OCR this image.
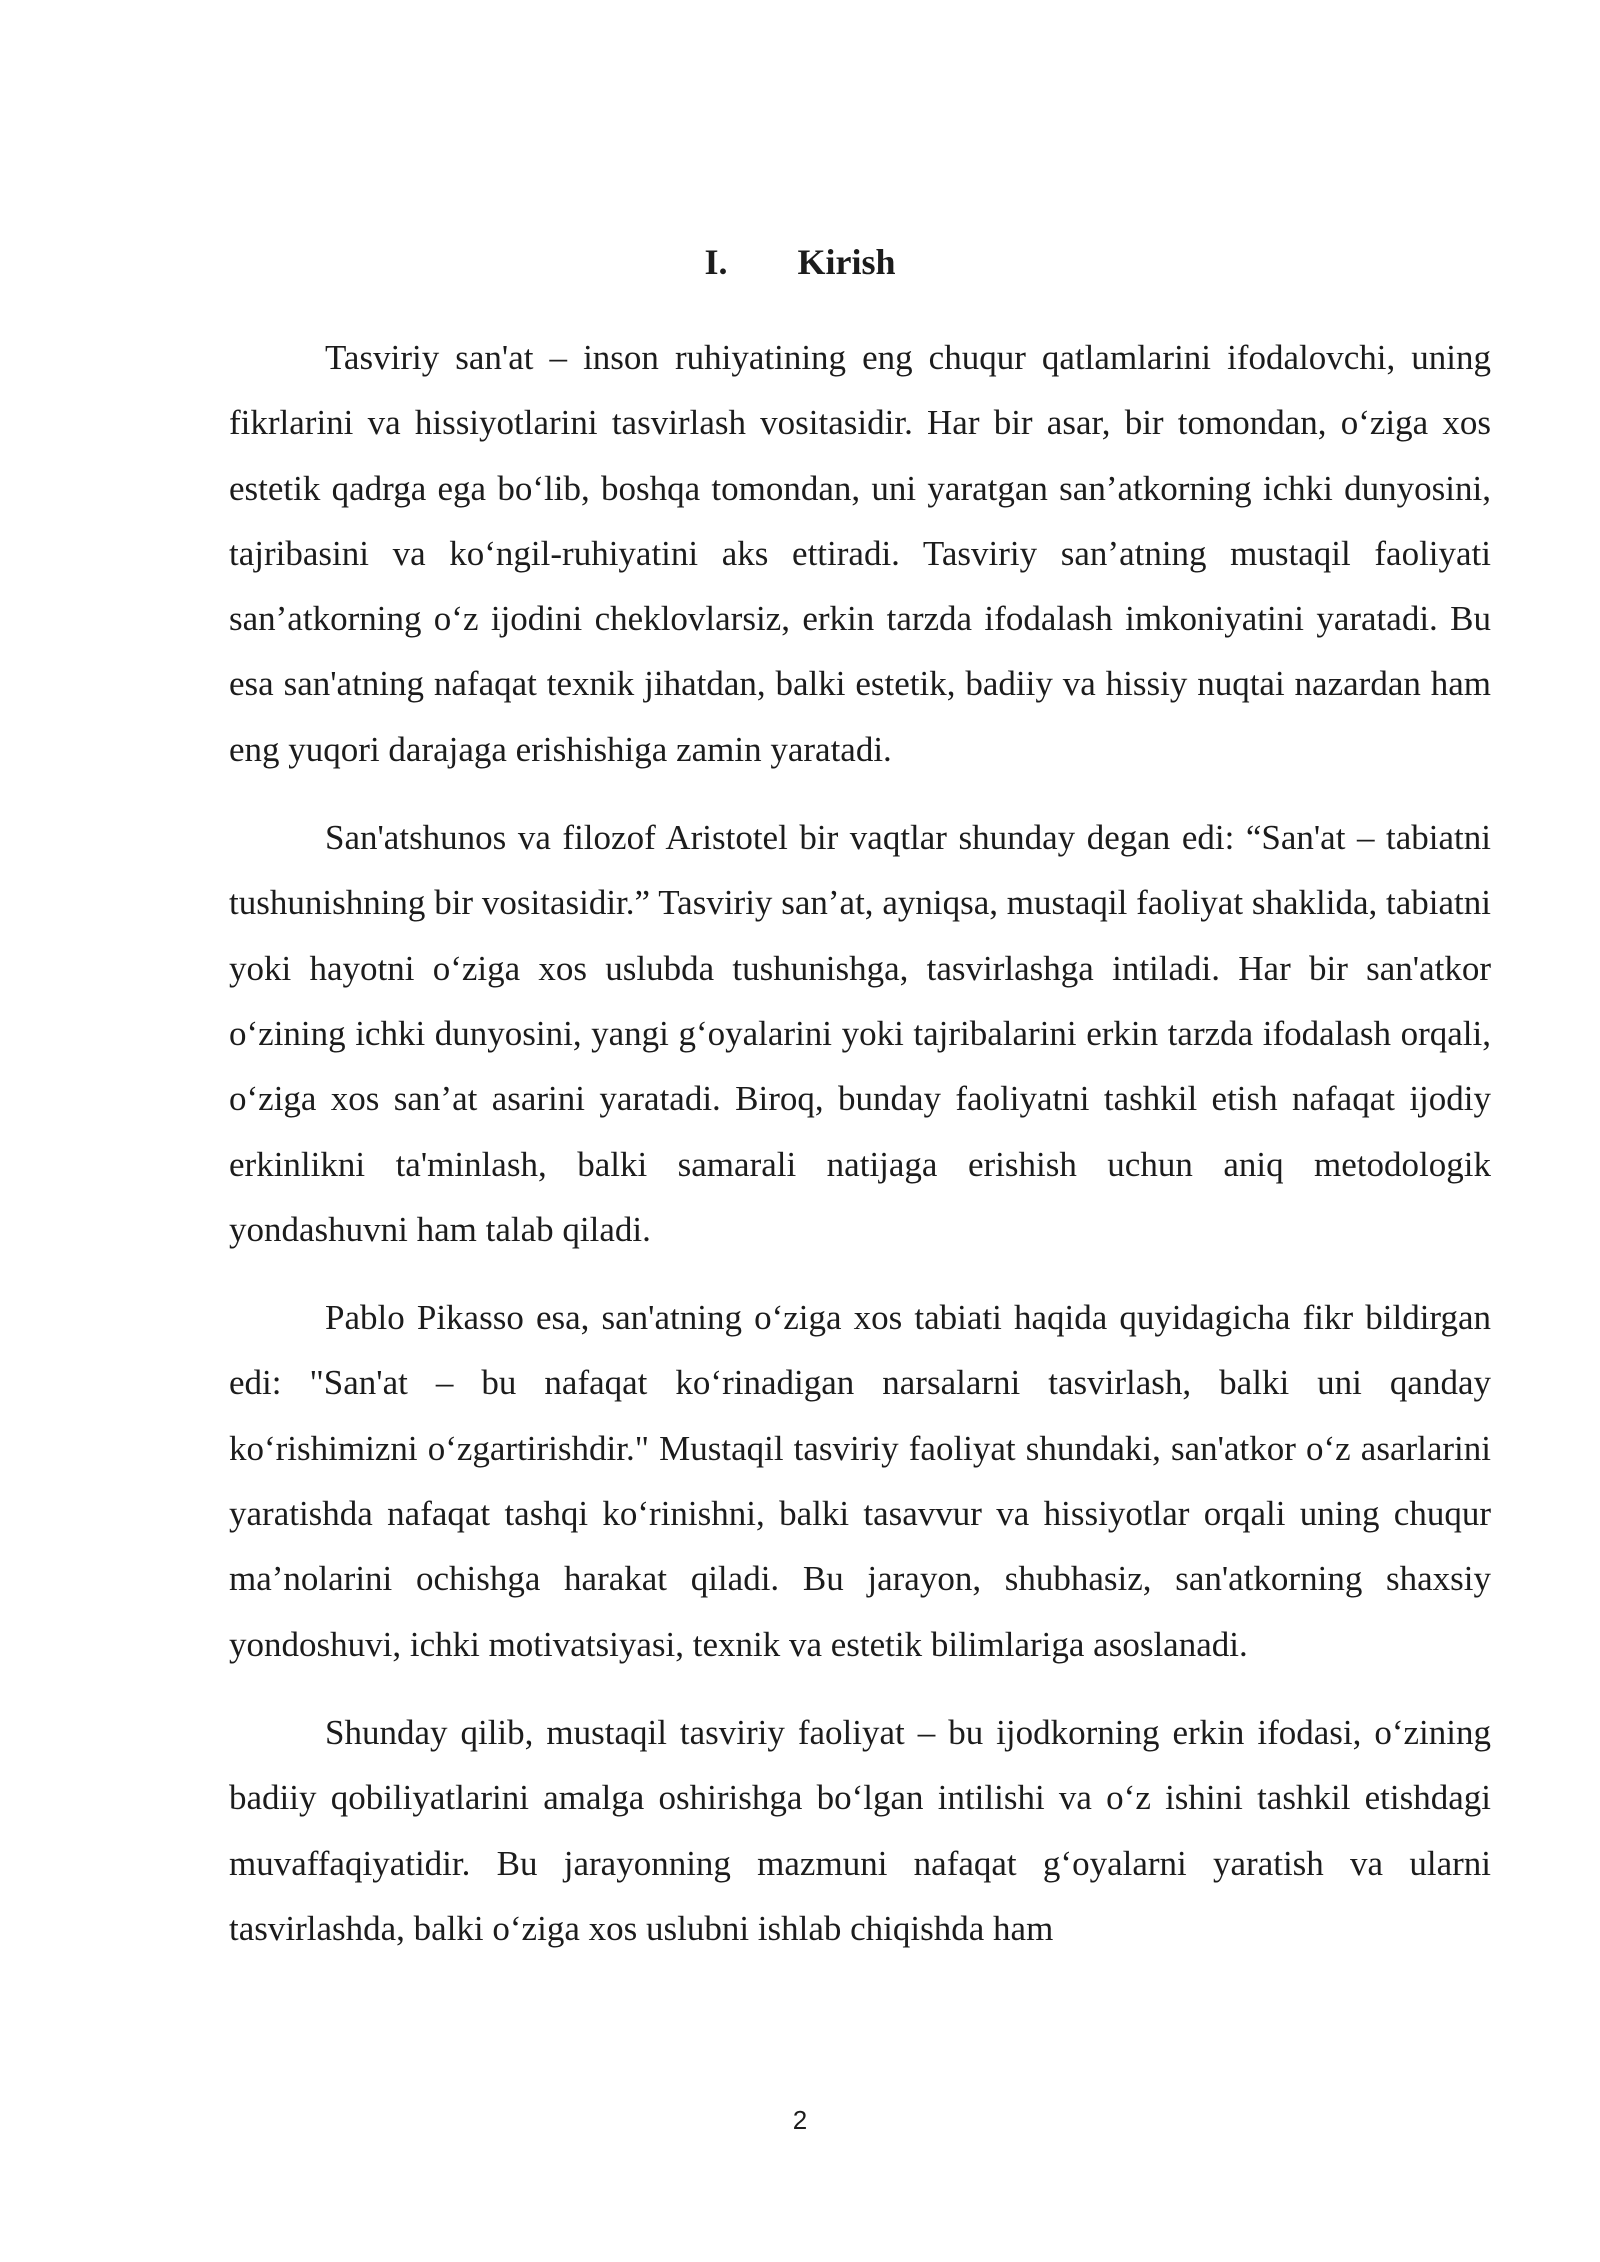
I. Kirish

Tasviriy san'at – inson ruhiyatining eng chuqur qatlamlarini ifodalovchi, uning fikrlarini va hissiyotlarini tasvirlash vositasidir. Har bir asar, bir tomondan, o‘ziga xos estetik qadrga ega bo‘lib, boshqa tomondan, uni yaratgan san’atkorning ichki dunyosini, tajribasini va ko‘ngil-ruhiyatini aks ettiradi. Tasviriy san’atning mustaqil faoliyati san’atkorning o‘z ijodini cheklovlarsiz, erkin tarzda ifodalash imkoniyatini yaratadi. Bu esa san'atning nafaqat texnik jihatdan, balki estetik, badiiy va hissiy nuqtai nazardan ham eng yuqori darajaga erishishiga zamin yaratadi.

San'atshunos va filozof Aristotel bir vaqtlar shunday degan edi: “San'at – tabiatni tushunishning bir vositasidir.” Tasviriy san’at, ayniqsa, mustaqil faoliyat shaklida, tabiatni yoki hayotni o‘ziga xos uslubda tushunishga, tasvirlashga intiladi. Har bir san'atkor o‘zining ichki dunyosini, yangi g‘oyalarini yoki tajribalarini erkin tarzda ifodalash orqali, o‘ziga xos san’at asarini yaratadi. Biroq, bunday faoliyatni tashkil etish nafaqat ijodiy erkinlikni ta'minlash, balki samarali natijaga erishish uchun aniq metodologik yondashuvni ham talab qiladi.

Pablo Pikasso esa, san'atning o‘ziga xos tabiati haqida quyidagicha fikr bildirgan edi: "San'at – bu nafaqat ko‘rinadigan narsalarni tasvirlash, balki uni qanday ko‘rishimizni o‘zgartirishdir." Mustaqil tasviriy faoliyat shundaki, san'atkor o‘z asarlarini yaratishda nafaqat tashqi ko‘rinishni, balki tasavvur va hissiyotlar orqali uning chuqur ma’nolarini ochishga harakat qiladi. Bu jarayon, shubhasiz, san'atkorning shaxsiy yondoshuvi, ichki motivatsiyasi, texnik va estetik bilimlariga asoslanadi.

Shunday qilib, mustaqil tasviriy faoliyat – bu ijodkorning erkin ifodasi, o‘zining badiiy qobiliyatlarini amalga oshirishga bo‘lgan intilishi va o‘z ishini tashkil etishdagi muvaffaqiyatidir. Bu jarayonning mazmuni nafaqat g‘oyalarni yaratish va ularni tasvirlashda, balki o‘ziga xos uslubni ishlab chiqishda ham

2
